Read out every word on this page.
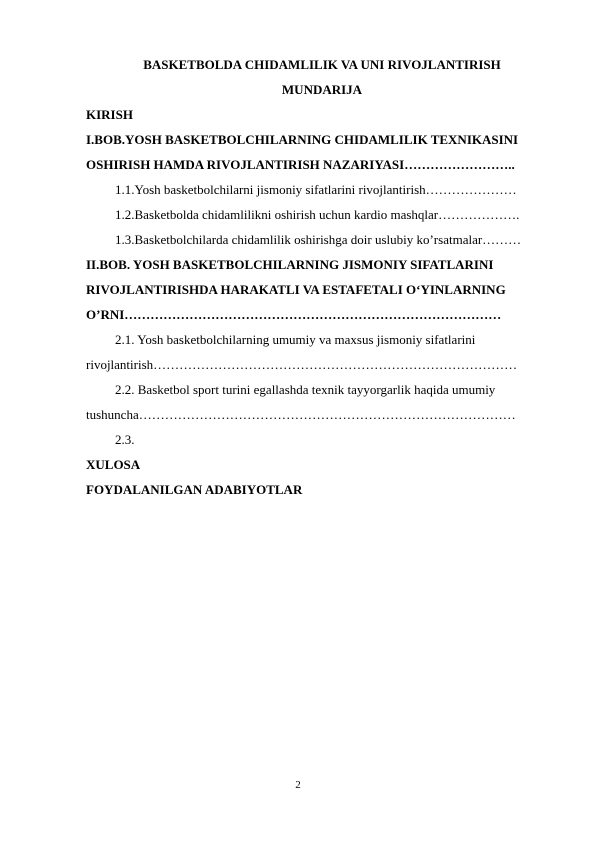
BASKETBOLDA CHIDAMLILIK VA UNI RIVOJLANTIRISH
MUNDARIJA
KIRISH
I.BOB.YOSH BASKETBOLCHILARNING CHIDAMLILIK TEXNIKASINI
OSHIRISH HAMDA RIVOJLANTIRISH NAZARIYASI……………………..
1.1.Yosh basketbolchilarni jismoniy sifatlarini rivojlantirish…………………
1.2.Basketbolda chidamlilikni oshirish uchun kardio mashqlar……………….
1.3.Basketbolchilarda chidamlilik oshirishga doir uslubiy ko’rsatmalar………
II.BOB. YOSH BASKETBOLCHILARNING JISMONIY SIFATLARINI
RIVOJLANTIRISHDA HARAKATLI VA ESTAFETALI O‘YINLARNING
O’RNI……………………………………………………………………………
2.1. Yosh basketbolchilarning umumiy va maxsus jismoniy sifatlarini
rivojlantirish…………………………………………………………………………
2.2. Basketbol sport turini egallashda texnik tayyorgarlik haqida umumiy
tushuncha……………………………………………………………………………
2.3.
XULOSA
FOYDALANILGAN ADABIYOTLAR
2
